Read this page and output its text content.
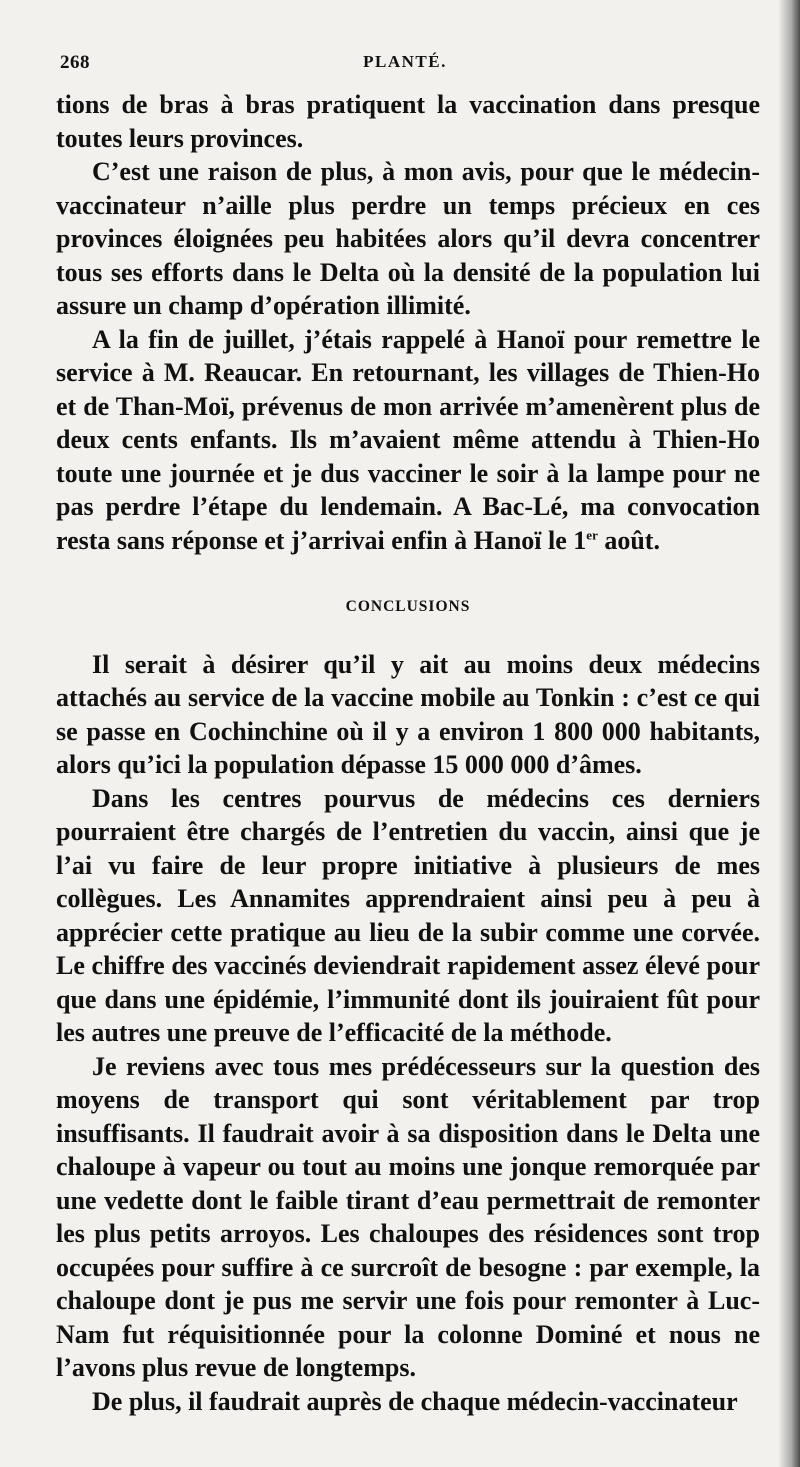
268	PLANTÉ.

tions de bras à bras pratiquent la vaccination dans presque toutes leurs provinces.

C’est une raison de plus, à mon avis, pour que le médecin-vaccinateur n’aille plus perdre un temps précieux en ces provinces éloignées peu habitées alors qu’il devra concentrer tous ses efforts dans le Delta où la densité de la population lui assure un champ d’opération illimité.

A la fin de juillet, j’étais rappelé à Hanoï pour remettre le service à M. Reaucar. En retournant, les villages de Thien-Ho et de Than-Moï, prévenus de mon arrivée m’amenèrent plus de deux cents enfants. Ils m’avaient même attendu à Thien-Ho toute une journée et je dus vacciner le soir à la lampe pour ne pas perdre l’étape du lendemain. A Bac-Lé, ma convocation resta sans réponse et j’arrivai enfin à Hanoï le 1er août.

CONCLUSIONS

Il serait à désirer qu’il y ait au moins deux médecins attachés au service de la vaccine mobile au Tonkin : c’est ce qui se passe en Cochinchine où il y a environ 1 800 000 habitants, alors qu’ici la population dépasse 15 000 000 d’âmes.

Dans les centres pourvus de médecins ces derniers pourraient être chargés de l’entretien du vaccin, ainsi que je l’ai vu faire de leur propre initiative à plusieurs de mes collègues. Les Annamites apprendraient ainsi peu à peu à apprécier cette pratique au lieu de la subir comme une corvée. Le chiffre des vaccinés deviendrait rapidement assez élevé pour que dans une épidémie, l’immunité dont ils jouiraient fût pour les autres une preuve de l’efficacité de la méthode.

Je reviens avec tous mes prédécesseurs sur la question des moyens de transport qui sont véritablement par trop insuffisants. Il faudrait avoir à sa disposition dans le Delta une chaloupe à vapeur ou tout au moins une jonque remorquée par une vedette dont le faible tirant d’eau permettrait de remonter les plus petits arroyos. Les chaloupes des résidences sont trop occupées pour suffire à ce surcroît de besogne : par exemple, la chaloupe dont je pus me servir une fois pour remonter à Luc-Nam fut réquisitionnée pour la colonne Dominé et nous ne l’avons plus revue de longtemps.

De plus, il faudrait auprès de chaque médecin-vaccinateur
